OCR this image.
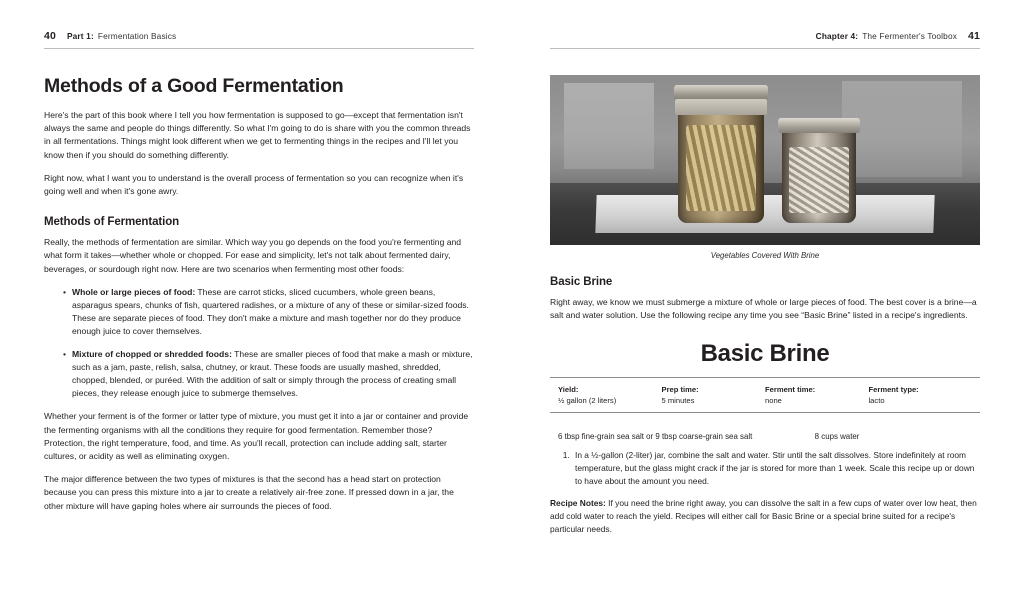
40 Part 1: Fermentation Basics
Methods of a Good Fermentation

Here's the part of this book where I tell you how fermentation is supposed to go—except that fermentation isn't always the same and people do things differently. So what I'm going to do is share with you the common threads in all fermentations. Things might look different when we get to fermenting things in the recipes and I'll let you know then if you should do something differently.

Right now, what I want you to understand is the overall process of fermentation so you can recognize when it's going well and when it's gone awry.

Methods of Fermentation

Really, the methods of fermentation are similar. Which way you go depends on the food you're fermenting and what form it takes—whether whole or chopped. For ease and simplicity, let's not talk about fermented dairy, beverages, or sourdough right now. Here are two scenarios when fermenting most other foods:

• Whole or large pieces of food: These are carrot sticks, sliced cucumbers, whole green beans, asparagus spears, chunks of fish, quartered radishes, or a mixture of any of these or similar-sized foods. These are separate pieces of food. They don't make a mixture and mash together nor do they produce enough juice to cover themselves.
• Mixture of chopped or shredded foods: These are smaller pieces of food that make a mash or mixture, such as a jam, paste, relish, salsa, chutney, or kraut. These foods are usually mashed, shredded, chopped, blended, or puréed. With the addition of salt or simply through the process of creating small pieces, they release enough juice to submerge themselves.

Whether your ferment is of the former or latter type of mixture, you must get it into a jar or container and provide the fermenting organisms with all the conditions they require for good fermentation. Remember those? Protection, the right temperature, food, and time. As you'll recall, protection can include adding salt, starter cultures, or acidity as well as eliminating oxygen.

The major difference between the two types of mixtures is that the second has a head start on protection because you can press this mixture into a jar to create a relatively air-free zone. If pressed down in a jar, the other mixture will have gaping holes where air surrounds the pieces of food.

Chapter 4: The Fermenter's Toolbox 41
Vegetables Covered With Brine
Basic Brine

Right away, we know we must submerge a mixture of whole or large pieces of food. The best cover is a brine—a salt and water solution. Use the following recipe any time you see “Basic Brine” listed in a recipe's ingredients.

Basic Brine
Yield:
½ gallon (2 liters)
Prep time:
5 minutes
Ferment time:
none
Ferment type:
lacto
6 tbsp fine-grain sea salt or 9 tbsp coarse-grain sea salt	8 cups water
1. In a ½-gallon (2-liter) jar, combine the salt and water. Stir until the salt dissolves. Store indefinitely at room temperature, but the glass might crack if the jar is stored for more than 1 week. Scale this recipe up or down to have about the amount you need.

Recipe Notes: If you need the brine right away, you can dissolve the salt in a few cups of water over low heat, then add cold water to reach the yield. Recipes will either call for Basic Brine or a special brine suited for a recipe's particular needs.
